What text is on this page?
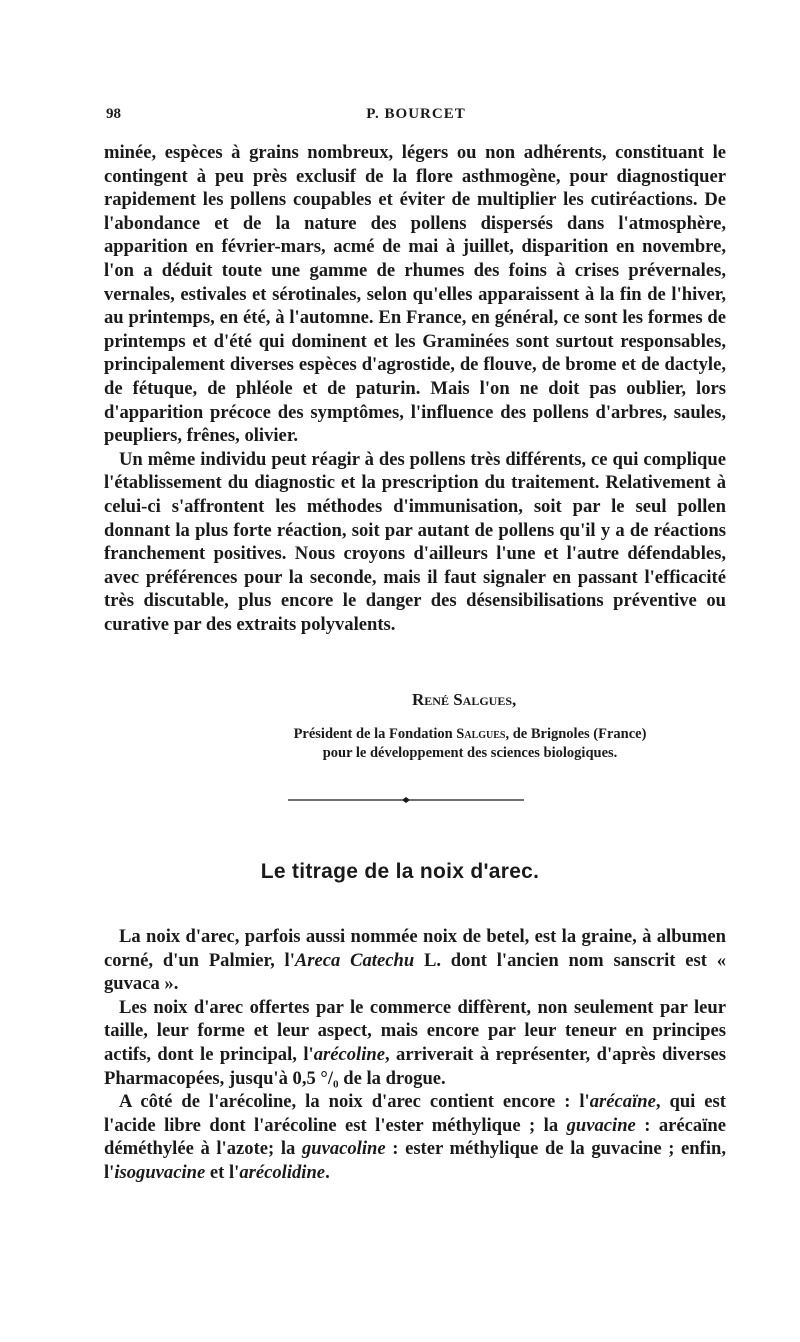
98	P. BOURCET

minée, espèces à grains nombreux, légers ou non adhérents, constituant le contingent à peu près exclusif de la flore asthmogène, pour diagnostiquer rapidement les pollens coupables et éviter de multiplier les cutiréactions. De l'abondance et de la nature des pollens dispersés dans l'atmosphère, apparition en février-mars, acmé de mai à juillet, disparition en novembre, l'on a déduit toute une gamme de rhumes des foins à crises prévernales, vernales, estivales et sérotinales, selon qu'elles apparaissent à la fin de l'hiver, au printemps, en été, à l'automne. En France, en général, ce sont les formes de printemps et d'été qui dominent et les Graminées sont surtout responsables, principalement diverses espèces d'agrostide, de flouve, de brome et de dactyle, de fétuque, de phléole et de paturin. Mais l'on ne doit pas oublier, lors d'apparition précoce des symptômes, l'influence des pollens d'arbres, saules, peupliers, frênes, olivier.

Un même individu peut réagir à des pollens très différents, ce qui complique l'établissement du diagnostic et la prescription du traitement. Relativement à celui-ci s'affrontent les méthodes d'immunisation, soit par le seul pollen donnant la plus forte réaction, soit par autant de pollens qu'il y a de réactions franchement positives. Nous croyons d'ailleurs l'une et l'autre défendables, avec préférences pour la seconde, mais il faut signaler en passant l'efficacité très discutable, plus encore le danger des désensibilisations préventive ou curative par des extraits polyvalents.

René Salgues,
Président de la Fondation Salgues, de Brignoles (France)
pour le développement des sciences biologiques.
Le titrage de la noix d'arec.

La noix d'arec, parfois aussi nommée noix de betel, est la graine, à albumen corné, d'un Palmier, l'Areca Catechu L. dont l'ancien nom sanscrit est « guvaca ».

Les noix d'arec offertes par le commerce diffèrent, non seulement par leur taille, leur forme et leur aspect, mais encore par leur teneur en principes actifs, dont le principal, l'arécoline, arriverait à représenter, d'après diverses Pharmacopées, jusqu'à 0,5 °/₀ de la drogue.

A côté de l'arécoline, la noix d'arec contient encore : l'arécaïne, qui est l'acide libre dont l'arécoline est l'ester méthylique ; la guvacine : arécaïne déméthylée à l'azote; la guvacoline : ester méthylique de la guvacine ; enfin, l'isoguvacine et l'arécolidine.
